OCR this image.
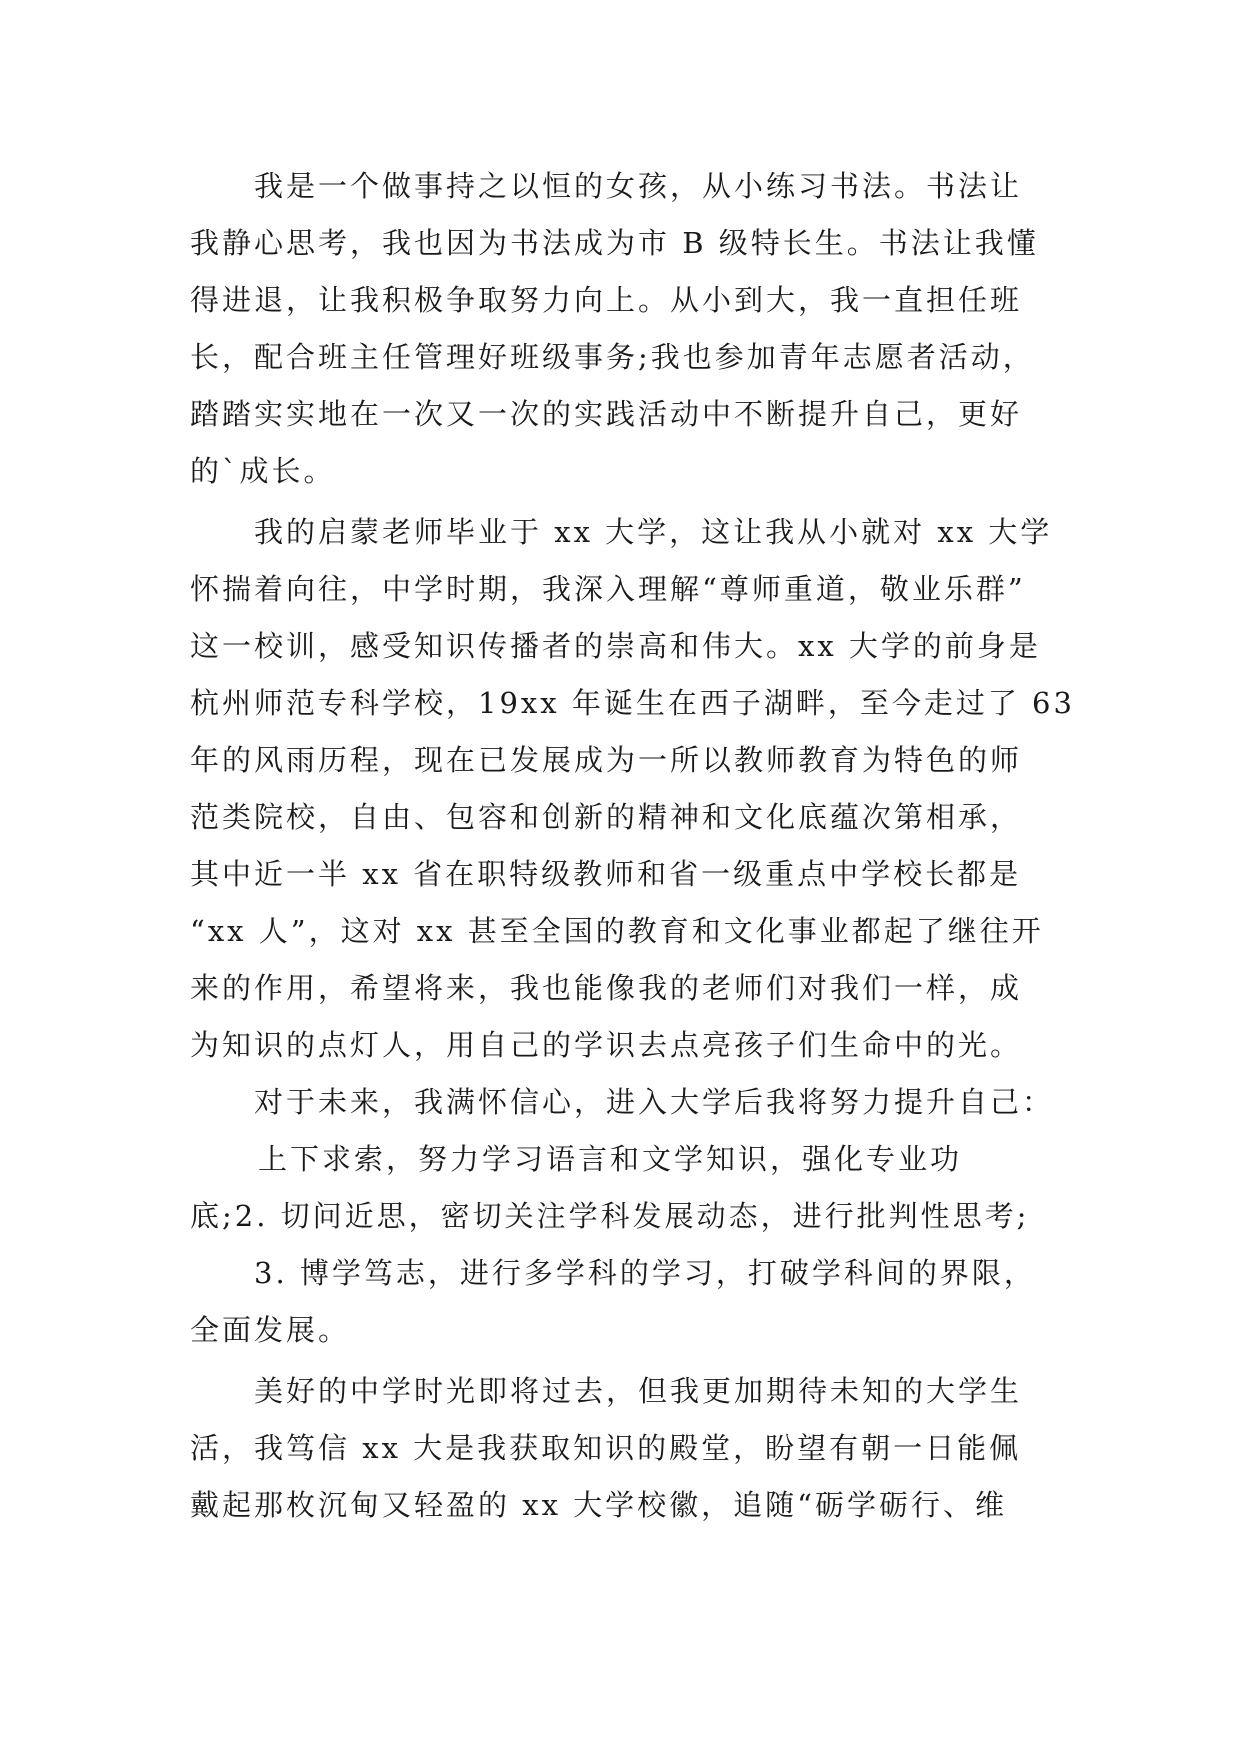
我是一个做事持之以恒的女孩，从小练习书法。书法让
我静心思考，我也因为书法成为市 B 级特长生。书法让我懂
得进退，让我积极争取努力向上。从小到大，我一直担任班
长，配合班主任管理好班级事务;我也参加青年志愿者活动，
踏踏实实地在一次又一次的实践活动中不断提升自己，更好
的`成长。
我的启蒙老师毕业于 xx 大学，这让我从小就对 xx 大学
怀揣着向往，中学时期，我深入理解“尊师重道，敬业乐群”
这一校训，感受知识传播者的崇高和伟大。xx 大学的前身是
杭州师范专科学校，19xx 年诞生在西子湖畔，至今走过了 63
年的风雨历程，现在已发展成为一所以教师教育为特色的师
范类院校，自由、包容和创新的精神和文化底蕴次第相承，
其中近一半 xx 省在职特级教师和省一级重点中学校长都是
“xx 人”，这对 xx 甚至全国的教育和文化事业都起了继往开
来的作用，希望将来，我也能像我的老师们对我们一样，成
为知识的点灯人，用自己的学识去点亮孩子们生命中的光。
对于未来，我满怀信心，进入大学后我将努力提升自己：
上下求索，努力学习语言和文学知识，强化专业功
底;2. 切问近思，密切关注学科发展动态，进行批判性思考;
3. 博学笃志，进行多学科的学习，打破学科间的界限，
全面发展。
美好的中学时光即将过去，但我更加期待未知的大学生
活，我笃信 xx 大是我获取知识的殿堂，盼望有朝一日能佩
戴起那枚沉甸又轻盈的 xx 大学校徽，追随“砺学砺行、维
